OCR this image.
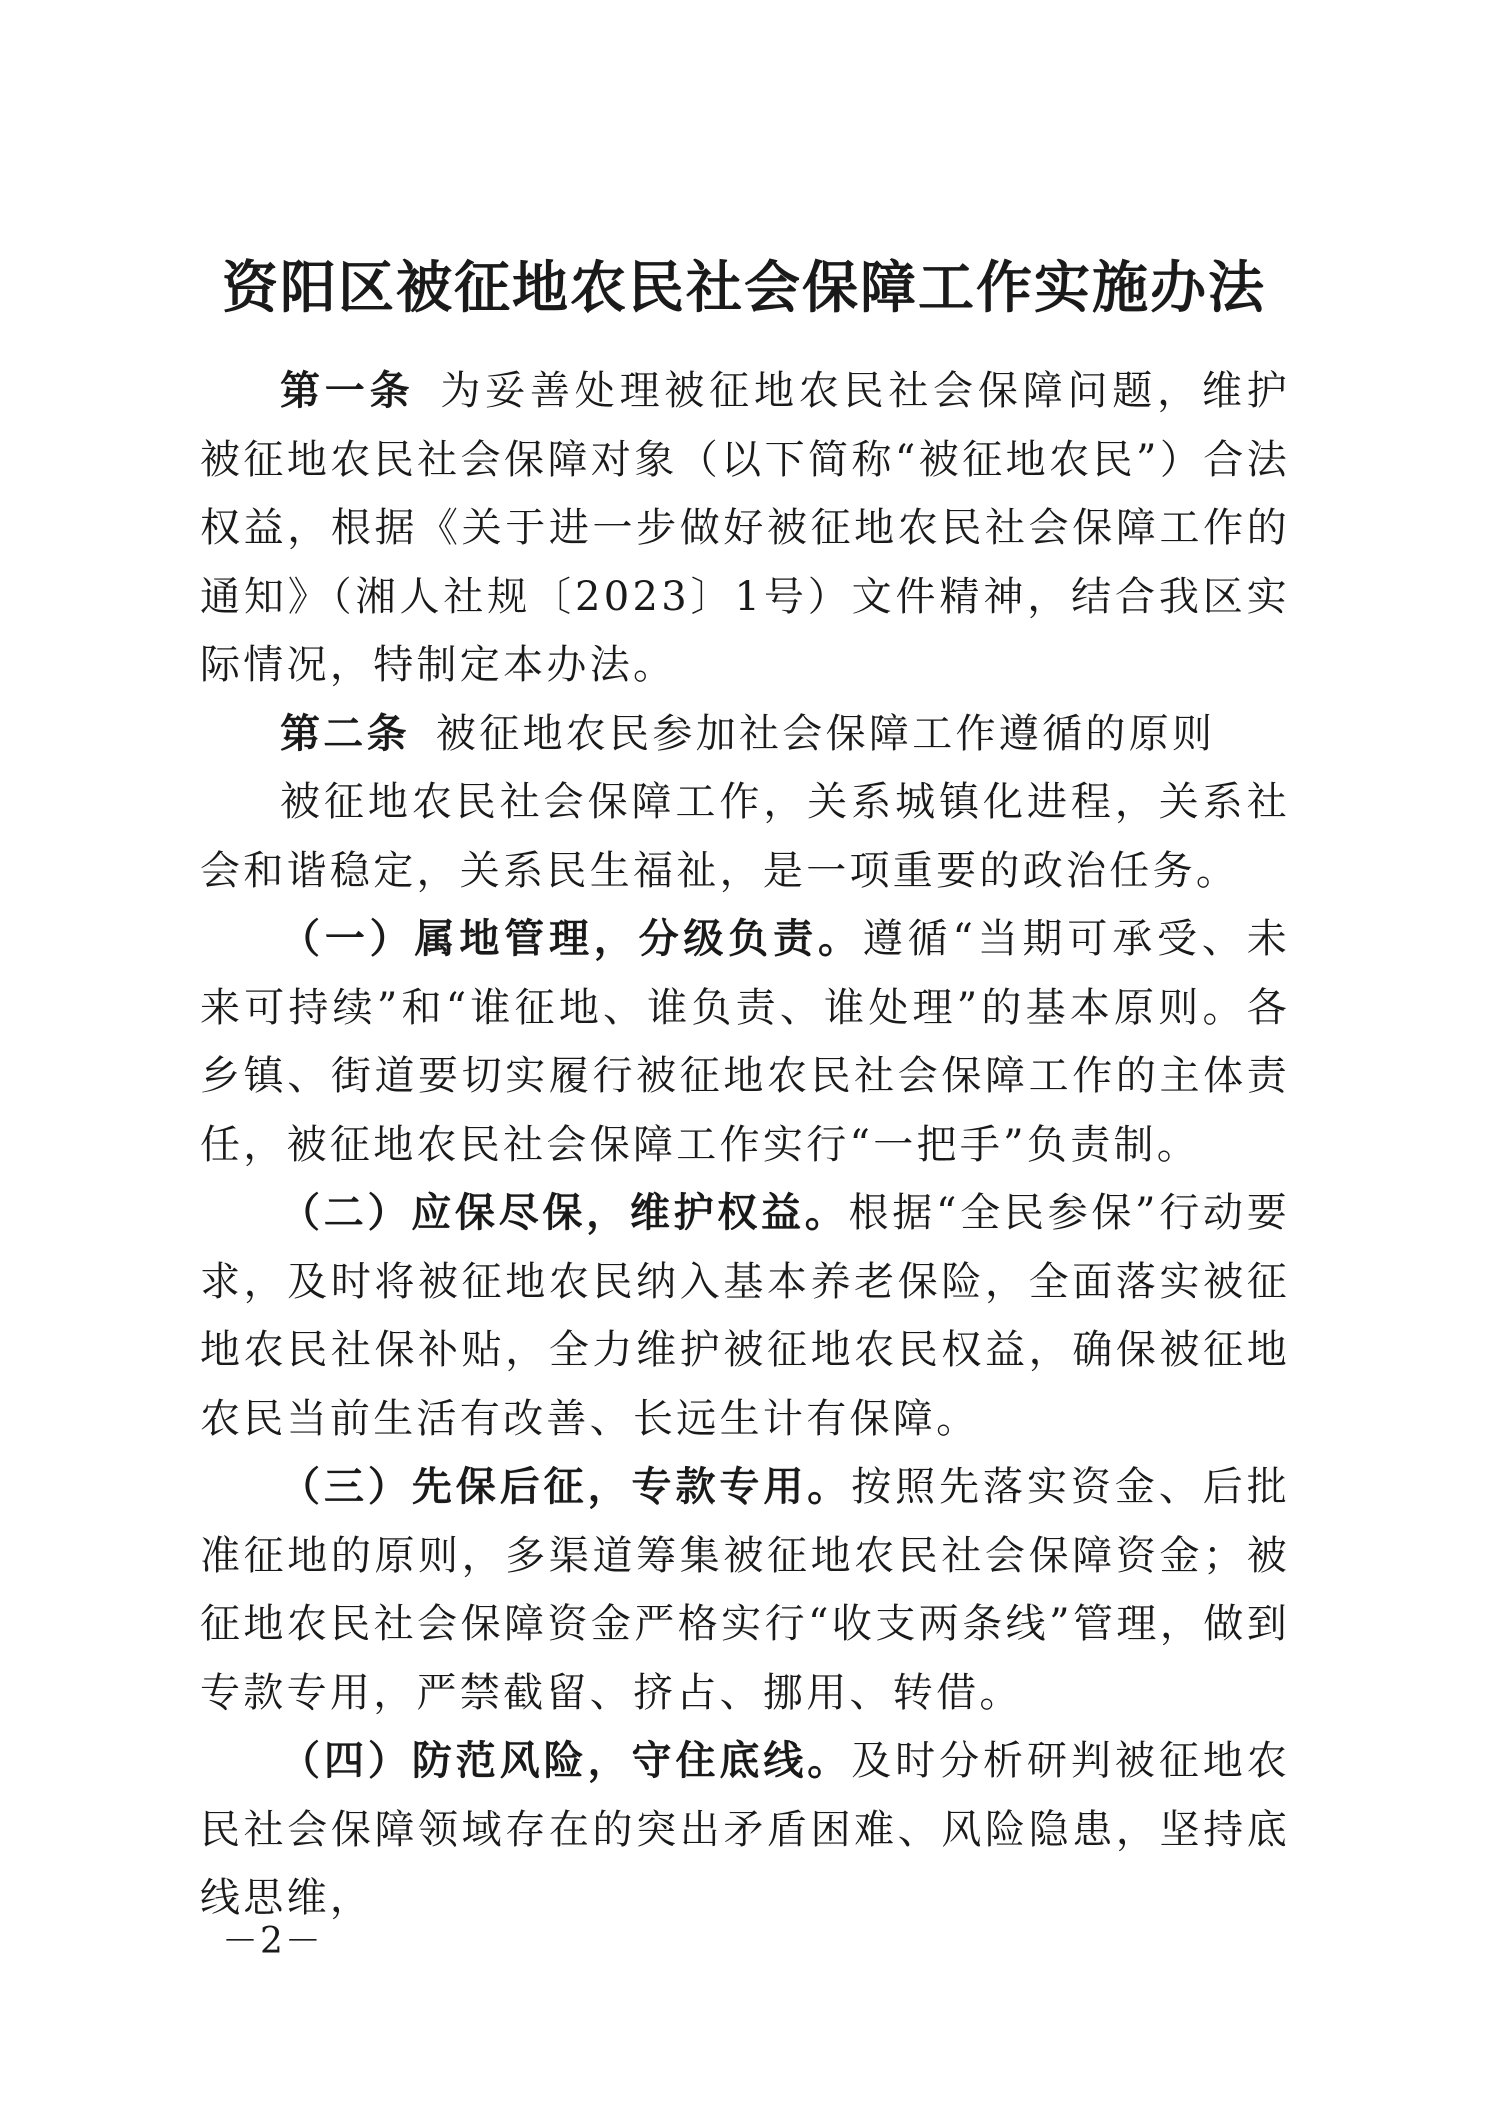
资阳区被征地农民社会保障工作实施办法

第一条 为妥善处理被征地农民社会保障问题，维护被征地农民社会保障对象（以下简称“被征地农民”）合法权益，根据《关于进一步做好被征地农民社会保障工作的通知》（湘人社规〔2023〕1号）文件精神，结合我区实际情况，特制定本办法。

第二条 被征地农民参加社会保障工作遵循的原则

被征地农民社会保障工作，关系城镇化进程，关系社会和谐稳定，关系民生福祉，是一项重要的政治任务。

（一）属地管理，分级负责。遵循“当期可承受、未来可持续”和“谁征地、谁负责、谁处理”的基本原则。各乡镇、街道要切实履行被征地农民社会保障工作的主体责任，被征地农民社会保障工作实行“一把手”负责制。

（二）应保尽保，维护权益。根据“全民参保”行动要求，及时将被征地农民纳入基本养老保险，全面落实被征地农民社保补贴，全力维护被征地农民权益，确保被征地农民当前生活有改善、长远生计有保障。

（三）先保后征，专款专用。按照先落实资金、后批准征地的原则，多渠道筹集被征地农民社会保障资金；被征地农民社会保障资金严格实行“收支两条线”管理，做到专款专用，严禁截留、挤占、挪用、转借。

（四）防范风险，守住底线。及时分析研判被征地农民社会保障领域存在的突出矛盾困难、风险隐患，坚持底线思维，

－2－
